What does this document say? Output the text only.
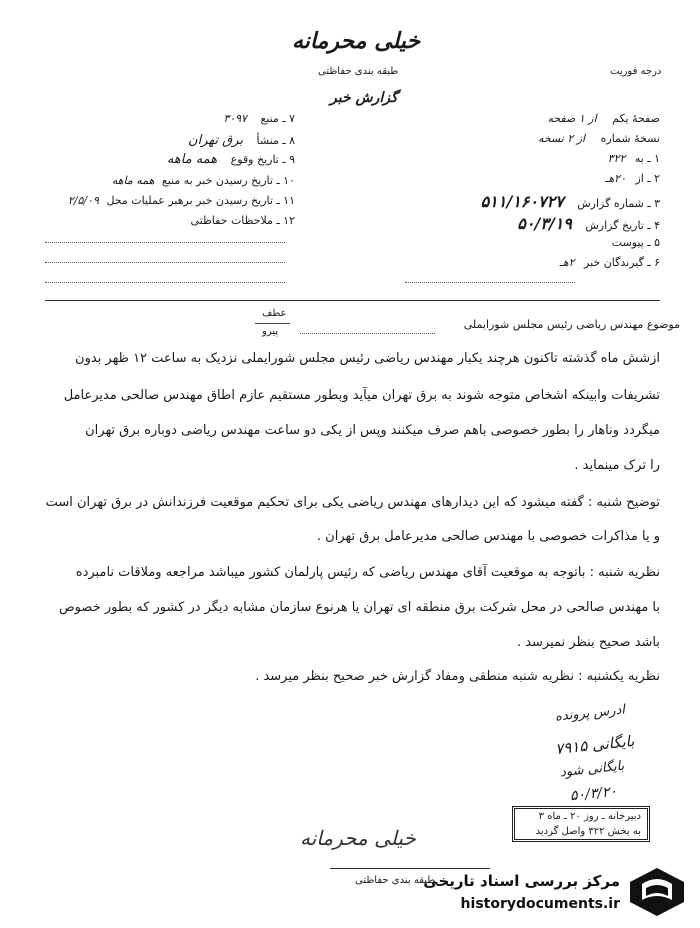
خیلی محرمانه
طبقه بندی حفاظتی	درجه فوریت
گزارش خبر
۷ ـ منبع ۳۰۹۷
۸ ـ منشأ برق تهران
۹ ـ تاریخ وقوع همه ماهه
۱۰ ـ تاریخ رسیدن خبر به منبع همه ماهه
۱۱ ـ تاریخ رسیدن خبر برهبر عملیات محل ۲/۵/۰۹
۱۲ ـ ملاحظات حفاظتی
صفحهٔ یکم از ۱ صفحه
نسخهٔ شماره از ۲ نسخه
۱ ـ به ۳۲۲
۲ ـ از ۲۰هـ
۳ ـ شماره گزارش ۵۱۱/۱۶۰۷۲۷
۴ ـ تاریخ گزارش ۵۰/۳/۱۹
۵ ـ پیوست
۶ ـ گیرندگان خبر ۲هـ
عطف
پیرو
موضوع مهندس ریاضی رئیس مجلس شورایملی
ازشش ماه گذشته تاکنون هرچند یکبار مهندس ریاضی رئیس مجلس شورایملی نزدیک به ساعت ۱۲ ظهر بدون
تشریفات وابینکه اشخاص متوجه شوند به برق تهران میآید وبطور مستقیم عازم اطاق مهندس صالحی مدیرعامل
میگردد وناهار را بطور خصوصی باهم صرف میکنند وپس از یکی دو ساعت مهندس ریاضی دوباره برق تهران
را ترک مینماید .
توضیح شنبه : گفته میشود که این دیدارهای مهندس ریاضی یکی برای تحکیم موقعیت فرزندانش در برق تهران است
و یا مذاکرات خصوصی با مهندس صالحی مدیرعامل برق تهران .
نظریه شنبه : باتوجه به موقعیت آقای مهندس ریاضی که رئیس پارلمان کشور میباشد مراجعه وملاقات نامبرده
با مهندس صالحی در محل شرکت برق منطقه ای تهران یا هرنوع سازمان مشابه دیگر در کشور که بطور خصوص
باشد صحیح بنظر نمیرسد .
نظریه یکشنبه : نظریه شنبه منطقی ومفاد گزارش خبر صحیح بنظر میرسد .
ادرس پرونده
بایگانی ۷۹۱۵
بایگانی شود
۵۰/۳/۲۰
دبیرخانه ـ روز ۲۰ ـ ماه ۳
به بخش ۳۲۲ واصل گردید
خیلی محرمانه
طبقه بندی حفاظتی
مرکز بررسی اسناد تاریخی
historydocuments.ir
